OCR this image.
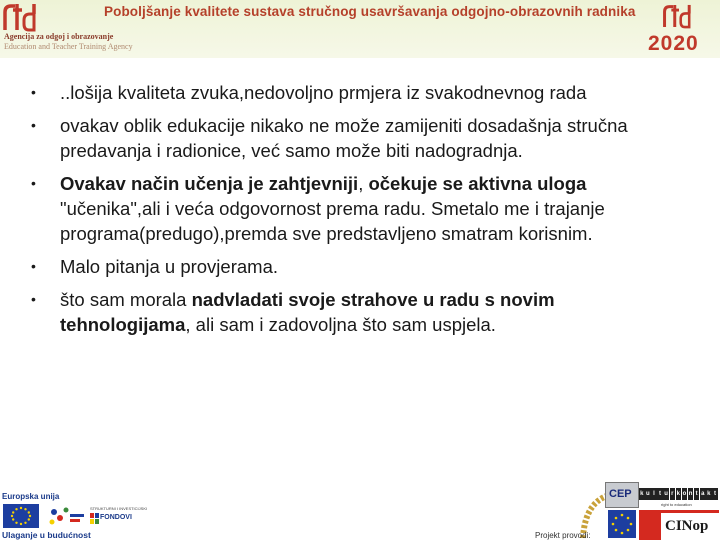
Agencija za odgoj i obrazovanje
Education and Teacher Training Agency
Poboljšanje kvalitete sustava stručnog usavršavanja odgojno-obrazovnih radnika
2020
• ..lošija kvaliteta zvuka,nedovoljno prmjera iz svakodnevnog rada
• ovakav oblik edukacije nikako ne može zamijeniti dosadašnja stručna predavanja i radionice, već samo može biti nadogradnja.
• Ovakav način učenja je zahtjevniji, očekuje se aktivna uloga "učenika",ali i veća odgovornost prema radu. Smetalo me i trajanje programa(predugo),premda sve predstavljeno smatram korisnim.
• Malo pitanja u provjerama.
• što sam morala nadvladati svoje strahove u radu s novim tehnologijama, ali sam i zadovoljna što sam uspjela.
Europska unija
STRUKTURNI I INVESTICIJSKI
FONDOVI
Ulaganje u budućnost
CEP k u l t u r k o n t a k t
right to education
CINop
Projekt provodi:
